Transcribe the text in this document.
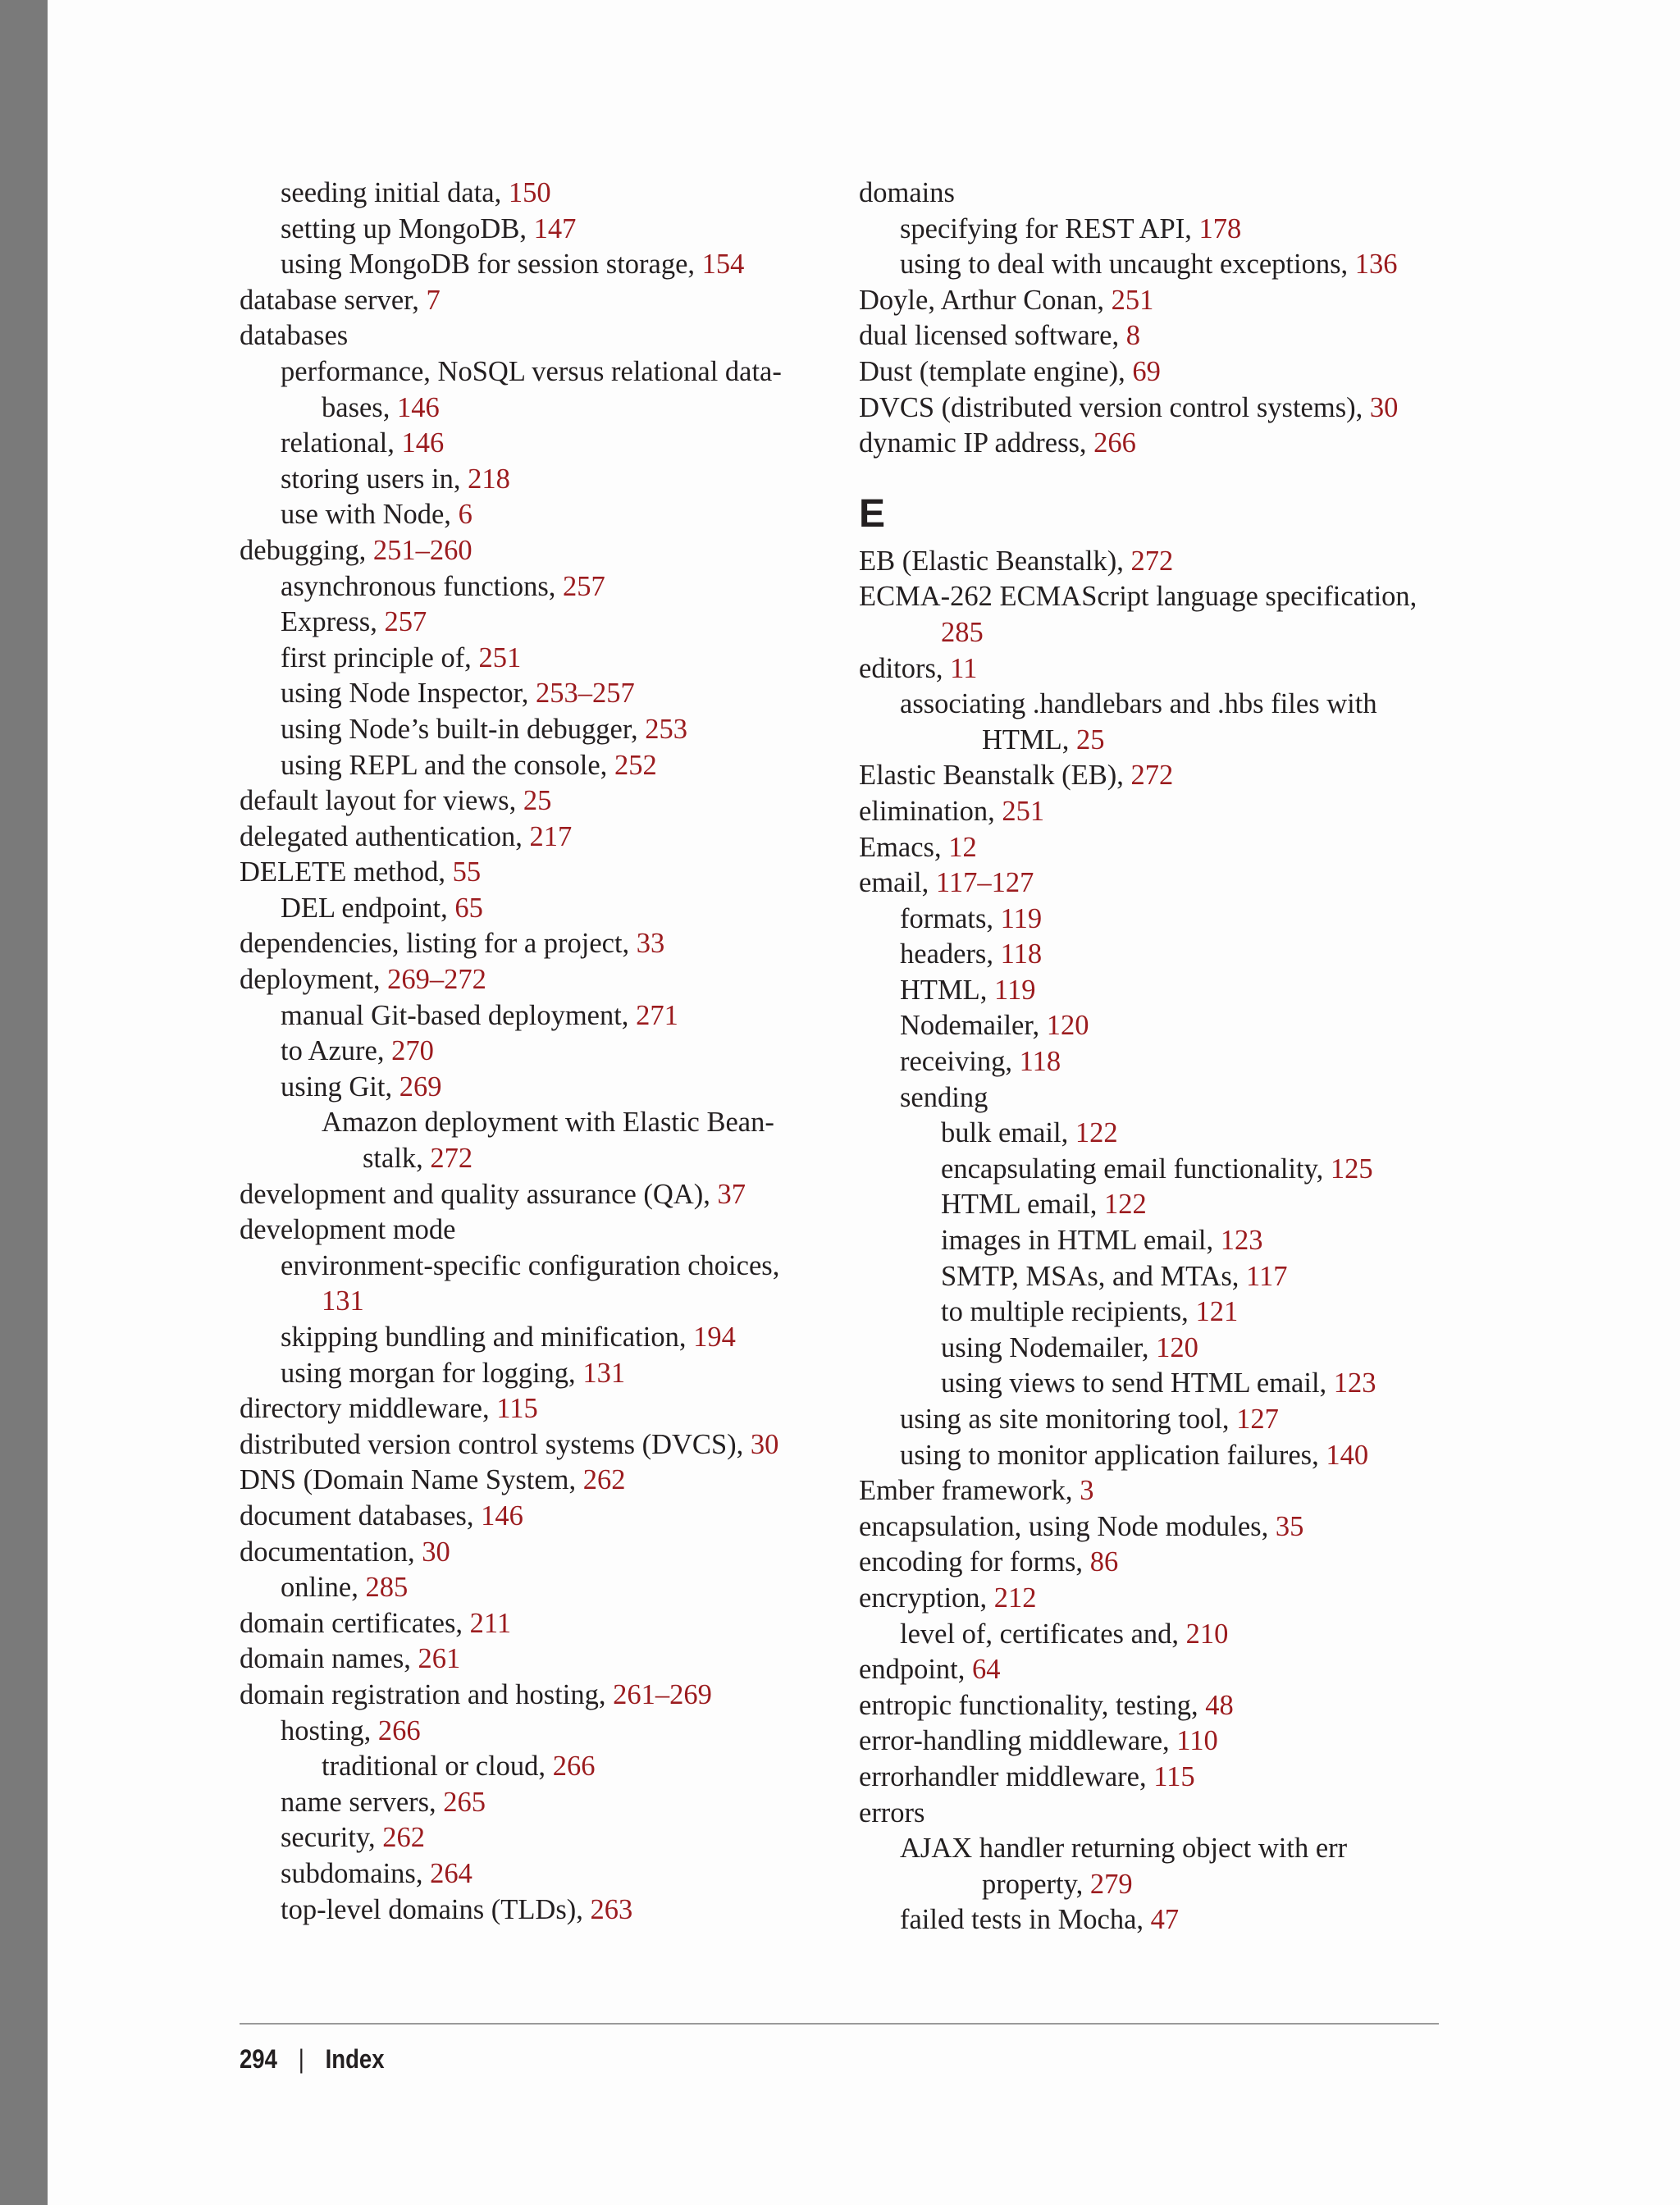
seeding initial data, 150
setting up MongoDB, 147
using MongoDB for session storage, 154
database server, 7
databases
performance, NoSQL versus relational data-
bases, 146
relational, 146
storing users in, 218
use with Node, 6
debugging, 251–260
asynchronous functions, 257
Express, 257
first principle of, 251
using Node Inspector, 253–257
using Node’s built-in debugger, 253
using REPL and the console, 252
default layout for views, 25
delegated authentication, 217
DELETE method, 55
DEL endpoint, 65
dependencies, listing for a project, 33
deployment, 269–272
manual Git-based deployment, 271
to Azure, 270
using Git, 269
Amazon deployment with Elastic Bean-
stalk, 272
development and quality assurance (QA), 37
development mode
environment-specific configuration choices,
131
skipping bundling and minification, 194
using morgan for logging, 131
directory middleware, 115
distributed version control systems (DVCS), 30
DNS (Domain Name System, 262
document databases, 146
documentation, 30
online, 285
domain certificates, 211
domain names, 261
domain registration and hosting, 261–269
hosting, 266
traditional or cloud, 266
name servers, 265
security, 262
subdomains, 264
top-level domains (TLDs), 263
domains
specifying for REST API, 178
using to deal with uncaught exceptions, 136
Doyle, Arthur Conan, 251
dual licensed software, 8
Dust (template engine), 69
DVCS (distributed version control systems), 30
dynamic IP address, 266
E
EB (Elastic Beanstalk), 272
ECMA-262 ECMAScript language specification,
285
editors, 11
associating .handlebars and .hbs files with
HTML, 25
Elastic Beanstalk (EB), 272
elimination, 251
Emacs, 12
email, 117–127
formats, 119
headers, 118
HTML, 119
Nodemailer, 120
receiving, 118
sending
bulk email, 122
encapsulating email functionality, 125
HTML email, 122
images in HTML email, 123
SMTP, MSAs, and MTAs, 117
to multiple recipients, 121
using Nodemailer, 120
using views to send HTML email, 123
using as site monitoring tool, 127
using to monitor application failures, 140
Ember framework, 3
encapsulation, using Node modules, 35
encoding for forms, 86
encryption, 212
level of, certificates and, 210
endpoint, 64
entropic functionality, testing, 48
error-handling middleware, 110
errorhandler middleware, 115
errors
AJAX handler returning object with err
property, 279
failed tests in Mocha, 47
294 | Index
